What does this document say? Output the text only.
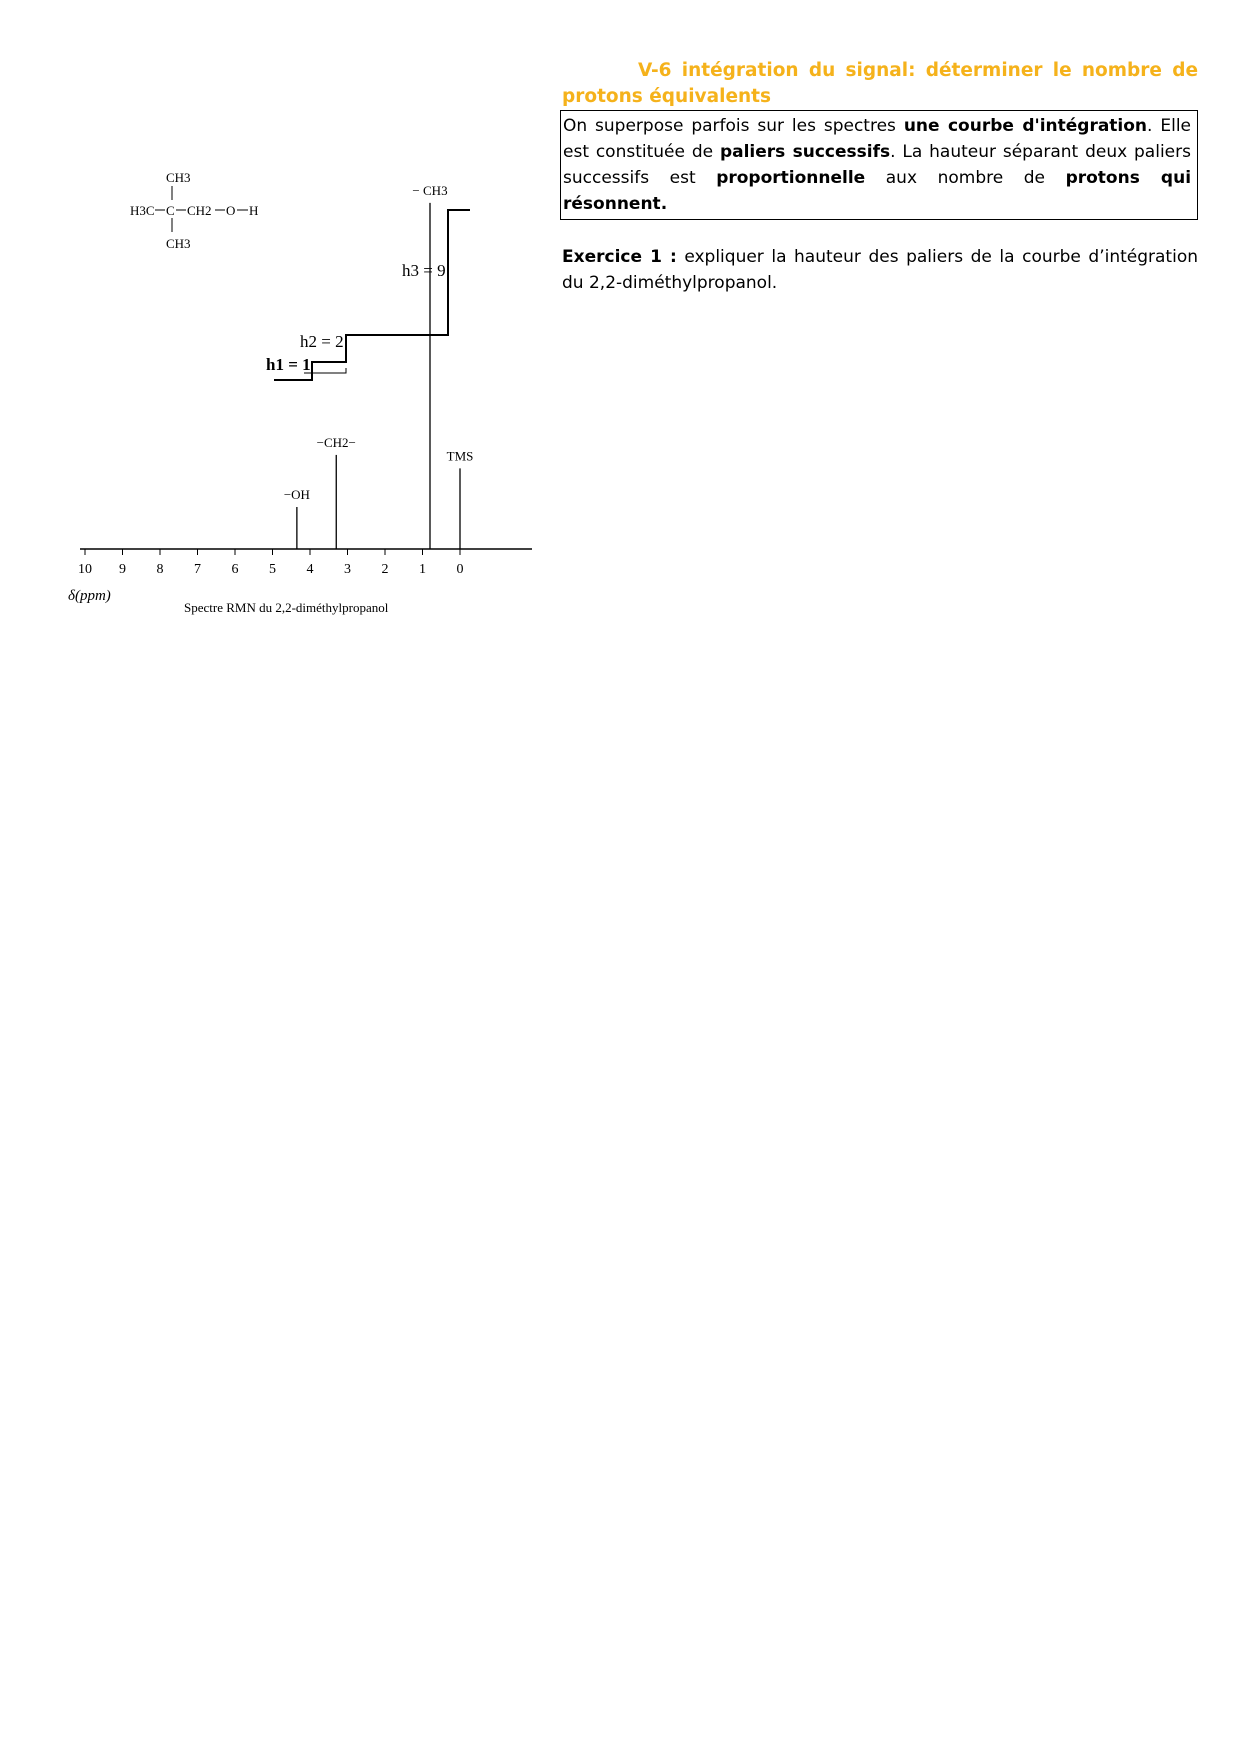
CH3
H3C C CH2 O H
CH3
10 9 8 7 6 5 4 3 2 1 0
−OH
−CH2−
− CH3
TMS
h1 = 1
h2 = 2
h3 = 9
δ(ppm)
Spectre RMN du 2,2-diméthylpropanol

V-6 intégration du signal: déterminer le nombre de

protons équivalents

On superpose parfois sur les spectres une courbe d'intégration. Elle est constituée de paliers successifs. La hauteur séparant deux paliers successifs est proportionnelle aux nombre de protons qui résonnent.
Exercice 1 : expliquer la hauteur des paliers de la courbe d’intégration du 2,2-diméthylpropanol.
